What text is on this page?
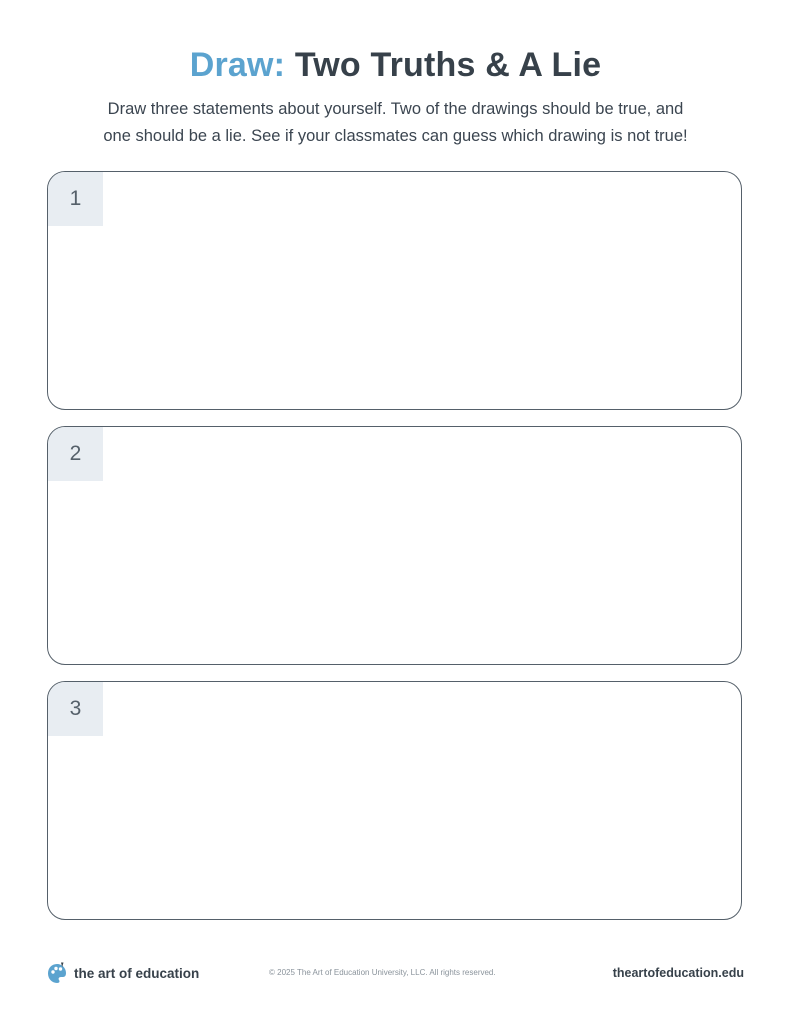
Draw: Two Truths & A Lie

Draw three statements about yourself. Two of the drawings should be true, and
one should be a lie. See if your classmates can guess which drawing is not true!

1
2
3
the art of education	© 2025 The Art of Education University, LLC. All rights reserved.	theartofeducation.edu
